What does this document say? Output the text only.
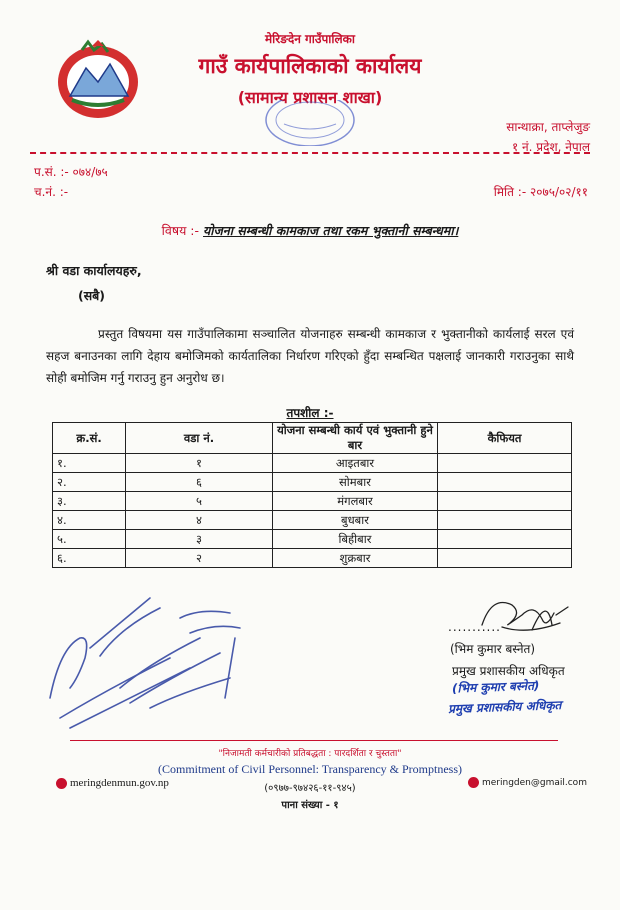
मेरिङदेन गाउँपालिका
गाउँ कार्यपालिकाको कार्यालय
(सामान्य प्रशासन शाखा)
सान्थाक्रा, ताप्लेजुङ
१ नं. प्रदेश, नेपाल
प.सं. :- ०७४/७५
च.नं. :-	मिति :- २०७५/०२/११
विषय :- योजना सम्बन्धी कामकाज तथा रकम भुक्तानी सम्बन्धमा।
श्री वडा कार्यालयहरु,
(सबै)
प्रस्तुत विषयमा यस गाउँपालिकामा सञ्चालित योजनाहरु सम्बन्धी कामकाज र भुक्तानीको कार्यलाई सरल एवं सहज बनाउनका लागि देहाय बमोजिमको कार्यतालिका निर्धारण गरिएको हुँदा सम्बन्धित पक्षलाई जानकारी गराउनुका साथै सोही बमोजिम गर्नु गराउनु हुन अनुरोध छ।
तपशील :-
क्र.सं.	वडा नं.	योजना सम्बन्धी कार्य एवं भुक्तानी हुने बार	कैफियत
१.	१	आइतबार	
२.	६	सोमबार	
३.	५	मंगलबार	
४.	४	बुधबार	
५.	३	बिहीबार	
६.	२	शुक्रबार	
...........
(भिम कुमार बस्नेत)
प्रमुख प्रशासकीय अधिकृत
(भिम कुमार बस्नेत)
प्रमुख प्रशासकीय अधिकृत
"निजामती कर्मचारीको प्रतिबद्धता : पारदर्शिता र चुस्तता"
(Commitment of Civil Personnel: Transparency & Promptness)
meringdenmun.gov.np	(०९७७-९७४२६-११-९४५)	meringden@gmail.com
पाना संख्या - १
